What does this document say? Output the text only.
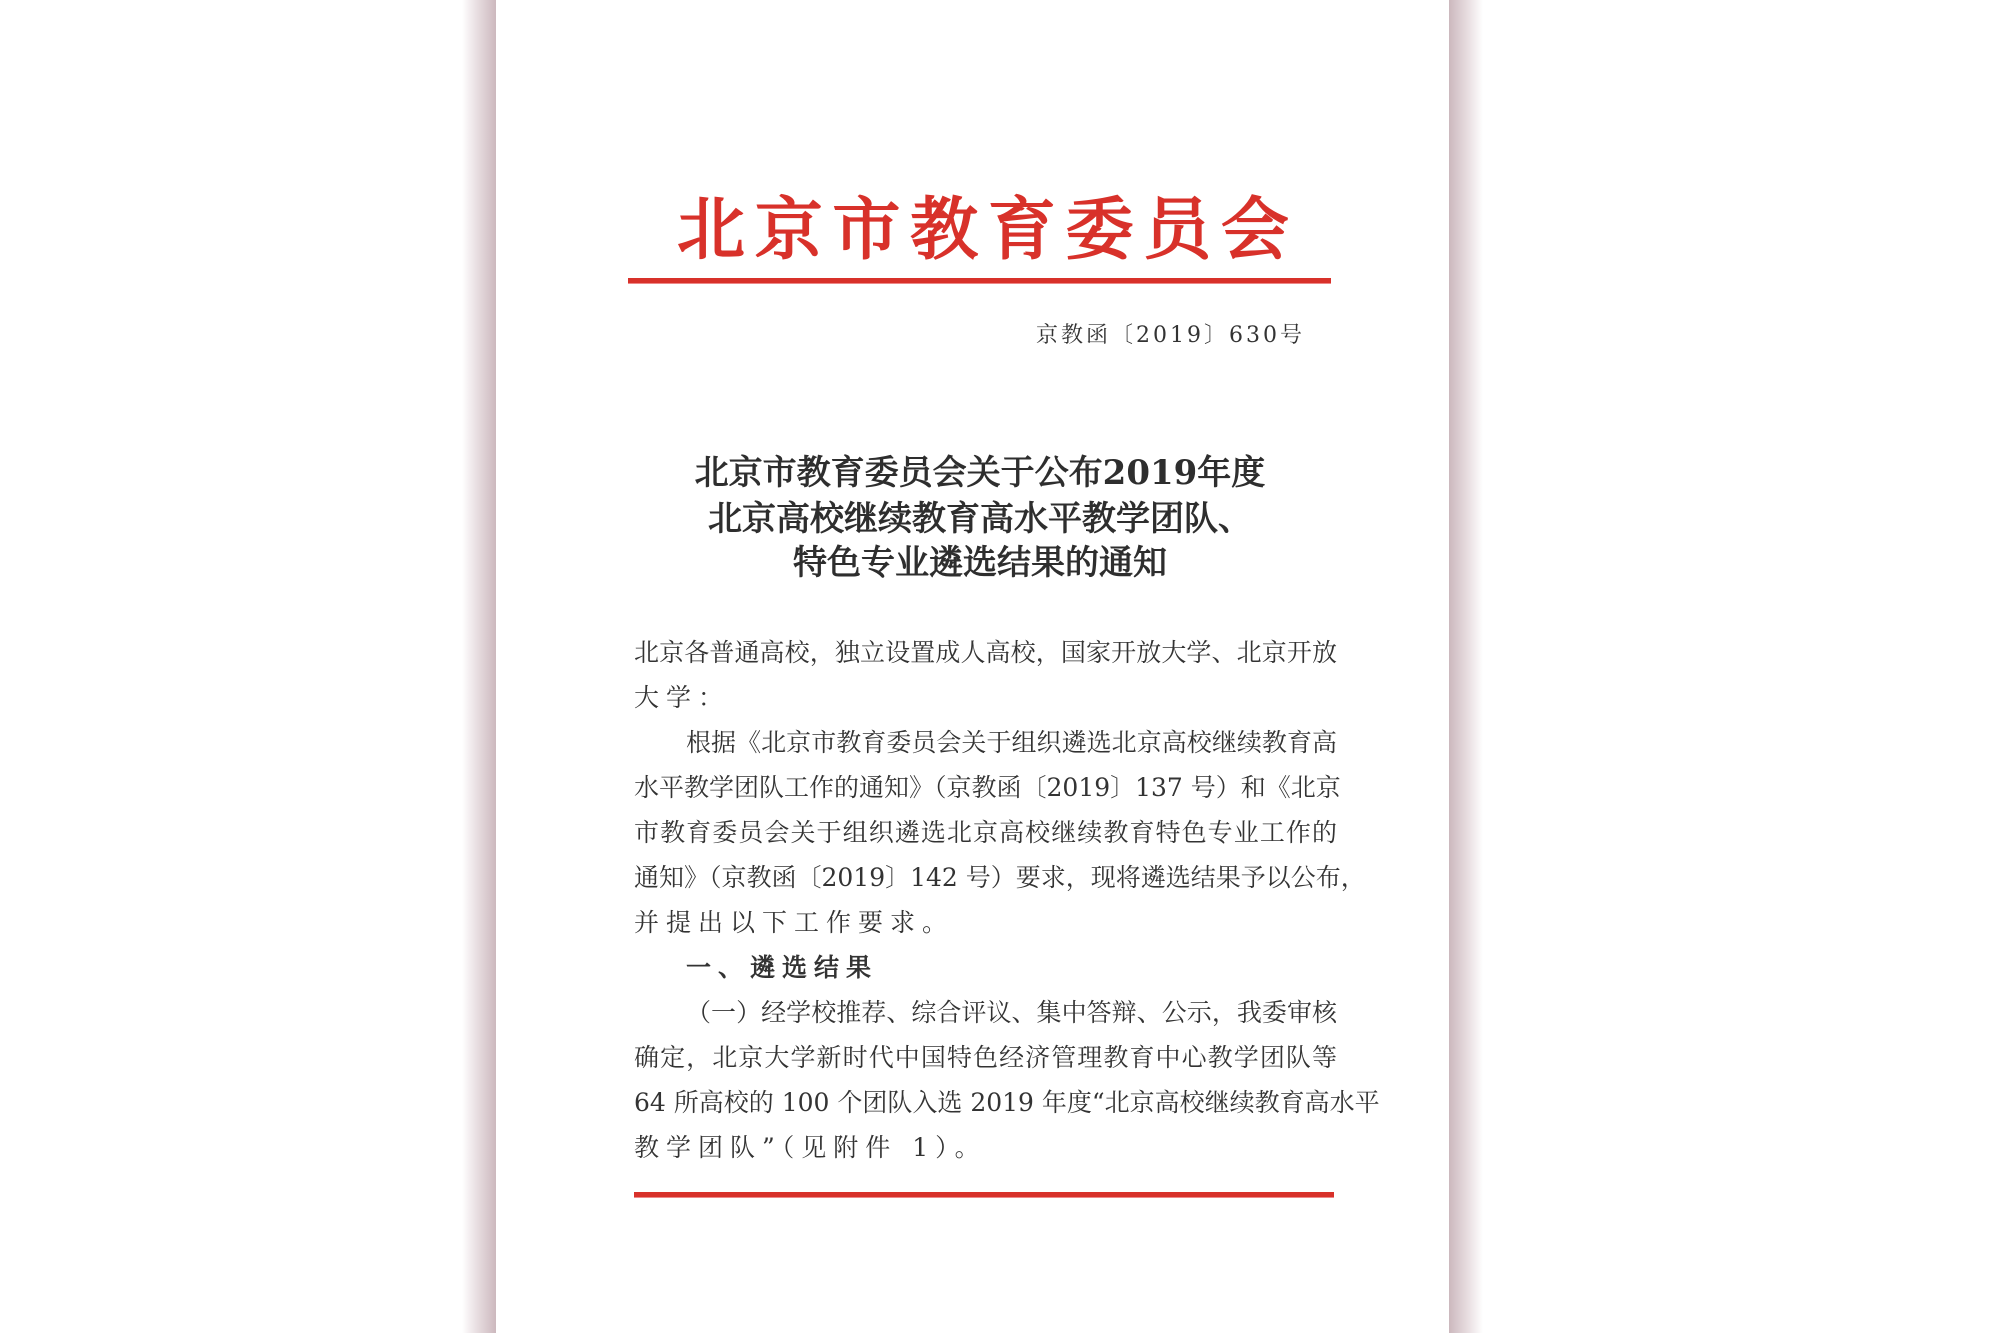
北 京 市 教 育 委 员 会
京教函〔2019〕630号
北京市教育委员会关于公布2019年度
北京高校继续教育高水平教学团队、
特色专业遴选结果的通知
北京各普通高校，独立设置成人高校，国家开放大学、北京开放
大学：
根据《北京市教育委员会关于组织遴选北京高校继续教育高
水平教学团队工作的通知》（京教函〔2019〕137 号）和《北京
市教育委员会关于组织遴选北京高校继续教育特色专业工作的
通知》（京教函〔2019〕142 号）要求，现将遴选结果予以公布，
并提出以下工作要求。
一、遴选结果
（一）经学校推荐、综合评议、集中答辩、公示，我委审核
确定，北京大学新时代中国特色经济管理教育中心教学团队等
64 所高校的 100 个团队入选 2019 年度“北京高校继续教育高水平
教学团队”（见附件 1）。
